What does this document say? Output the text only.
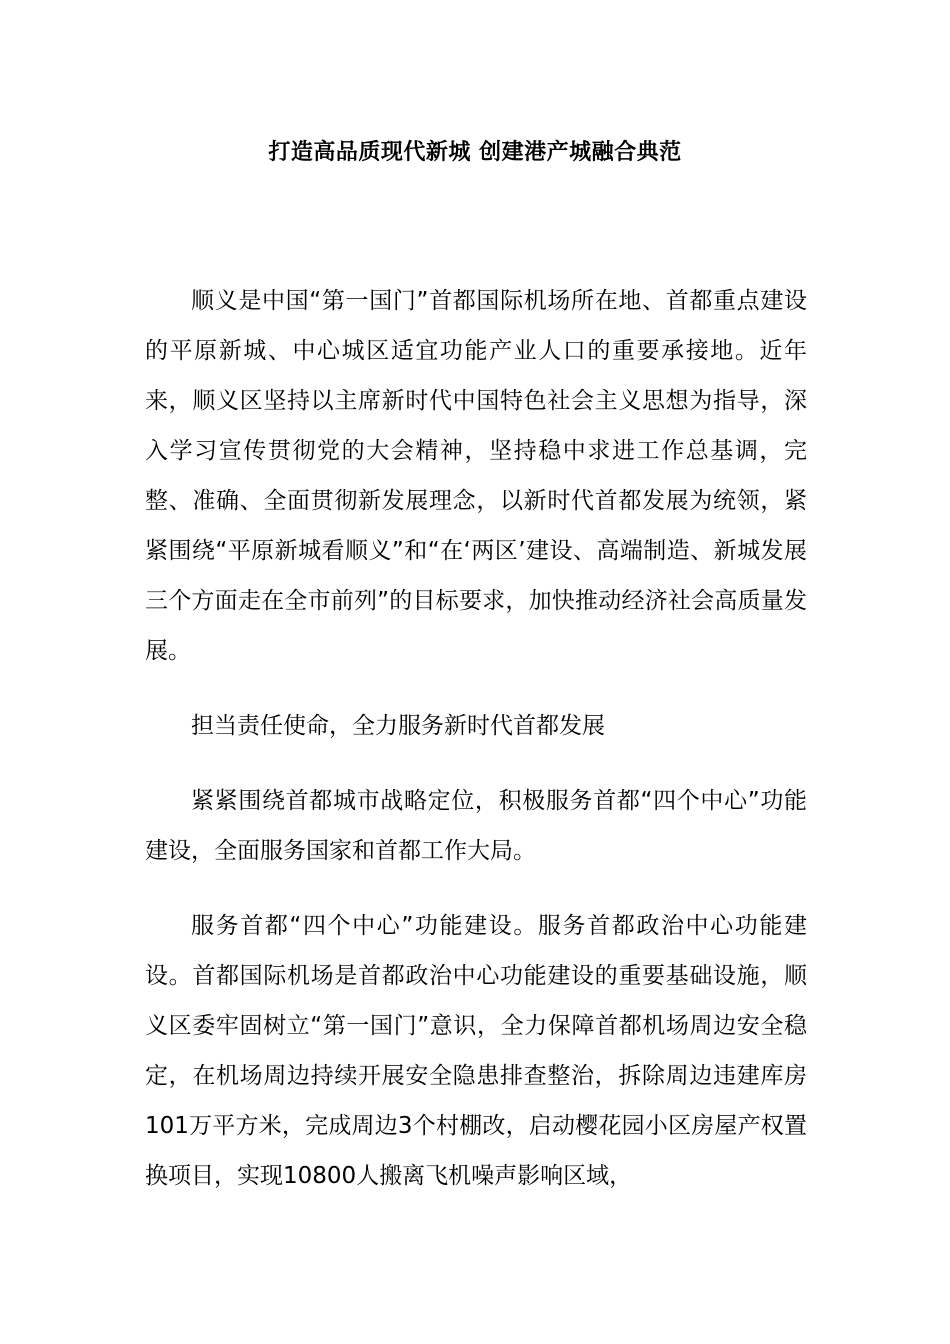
打造高品质现代新城 创建港产城融合典范

顺义是中国“第一国门”首都国际机场所在地、首都重点建设的平原新城、中心城区适宜功能产业人口的重要承接地。近年来，顺义区坚持以主席新时代中国特色社会主义思想为指导，深入学习宣传贯彻党的大会精神，坚持稳中求进工作总基调，完整、准确、全面贯彻新发展理念，以新时代首都发展为统领，紧紧围绕“平原新城看顺义”和“在‘两区’建设、高端制造、新城发展三个方面走在全市前列”的目标要求，加快推动经济社会高质量发展。

担当责任使命，全力服务新时代首都发展

紧紧围绕首都城市战略定位，积极服务首都“四个中心”功能建设，全面服务国家和首都工作大局。

服务首都“四个中心”功能建设。服务首都政治中心功能建设。首都国际机场是首都政治中心功能建设的重要基础设施，顺义区委牢固树立“第一国门”意识，全力保障首都机场周边安全稳定，在机场周边持续开展安全隐患排查整治，拆除周边违建库房101万平方米，完成周边3个村棚改，启动樱花园小区房屋产权置换项目，实现10800人搬离飞机噪声影响区域，
